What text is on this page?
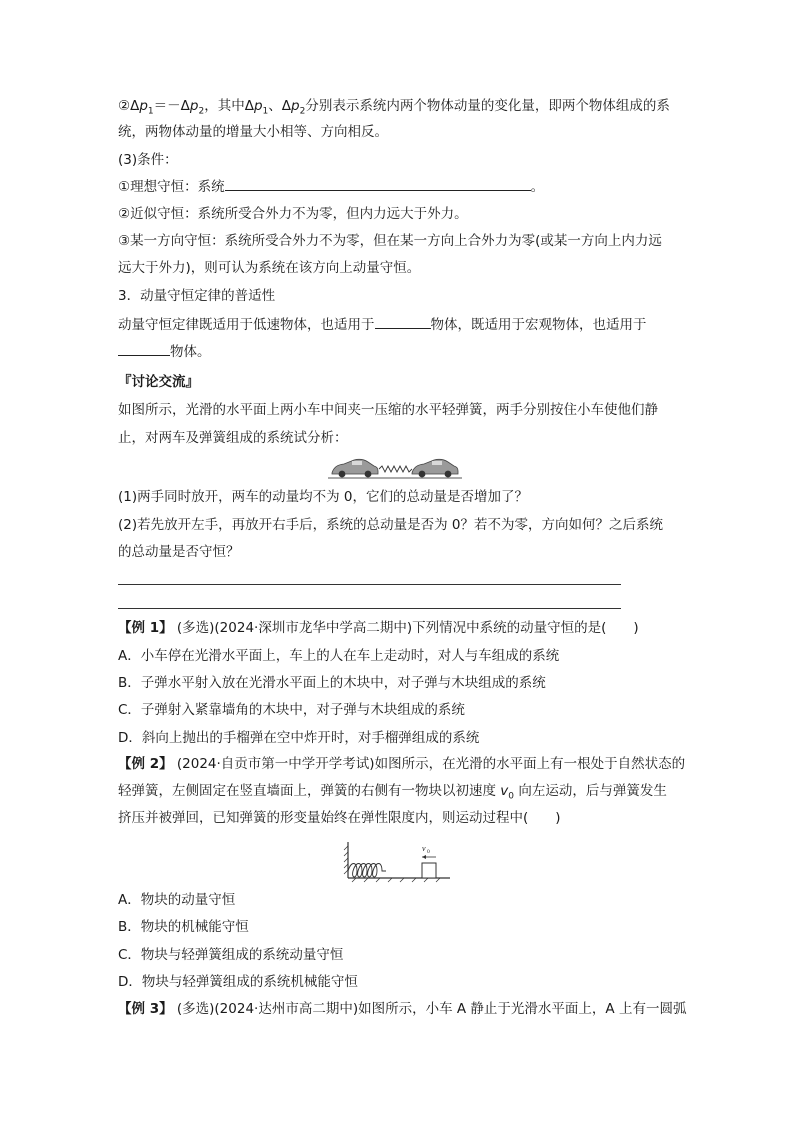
$②\Delta p_1=-\Delta p_2$，其中$\Delta p_1$、$\Delta p_2$分别表示系统内两个物体动量的变化量，即两个物体组成的系
统，两物体动量的增量大小相等、方向相反。
(3)条件：
①理想守恒：系统	。
②近似守恒：系统所受合外力不为零，但内力远大于外力。
③某一方向守恒：系统所受合外力不为零，但在某一方向上合外力为零(或某一方向上内力远
远大于外力)，则可认为系统在该方向上动量守恒。
3．动量守恒定律的普适性
动量守恒定律既适用于低速物体，也适用于	物体，既适用于宏观物体，也适用于
物体。
『讨论交流』
如图所示，光滑的水平面上两小车中间夹一压缩的水平轻弹簧，两手分别按住小车使他们静
止，对两车及弹簧组成的系统试分析：
(1)两手同时放开，两车的动量均不为 0，它们的总动量是否增加了？
(2)若先放开左手，再放开右手后，系统的总动量是否为 0？若不为零，方向如何？之后系统
的总动量是否守恒？
【例 1】 (多选)(2024·深圳市龙华中学高二期中)下列情况中系统的动量守恒的是(　　)
A．小车停在光滑水平面上，车上的人在车上走动时，对人与车组成的系统
B．子弹水平射入放在光滑水平面上的木块中，对子弹与木块组成的系统
C．子弹射入紧靠墙角的木块中，对子弹与木块组成的系统
D．斜向上抛出的手榴弹在空中炸开时，对手榴弹组成的系统
【例 2】 (2024·自贡市第一中学开学考试)如图所示，在光滑的水平面上有一根处于自然状态的
轻弹簧，左侧固定在竖直墙面上，弹簧的右侧有一物块以初速度 $v_0$ 向左运动，后与弹簧发生
挤压并被弹回，已知弹簧的形变量始终在弹性限度内，则运动过程中(　　)
v 0
A．物块的动量守恒
B．物块的机械能守恒
C．物块与轻弹簧组成的系统动量守恒
D．物块与轻弹簧组成的系统机械能守恒
【例 3】 (多选)(2024·达州市高二期中)如图所示，小车 A 静止于光滑水平面上，A 上有一圆弧
